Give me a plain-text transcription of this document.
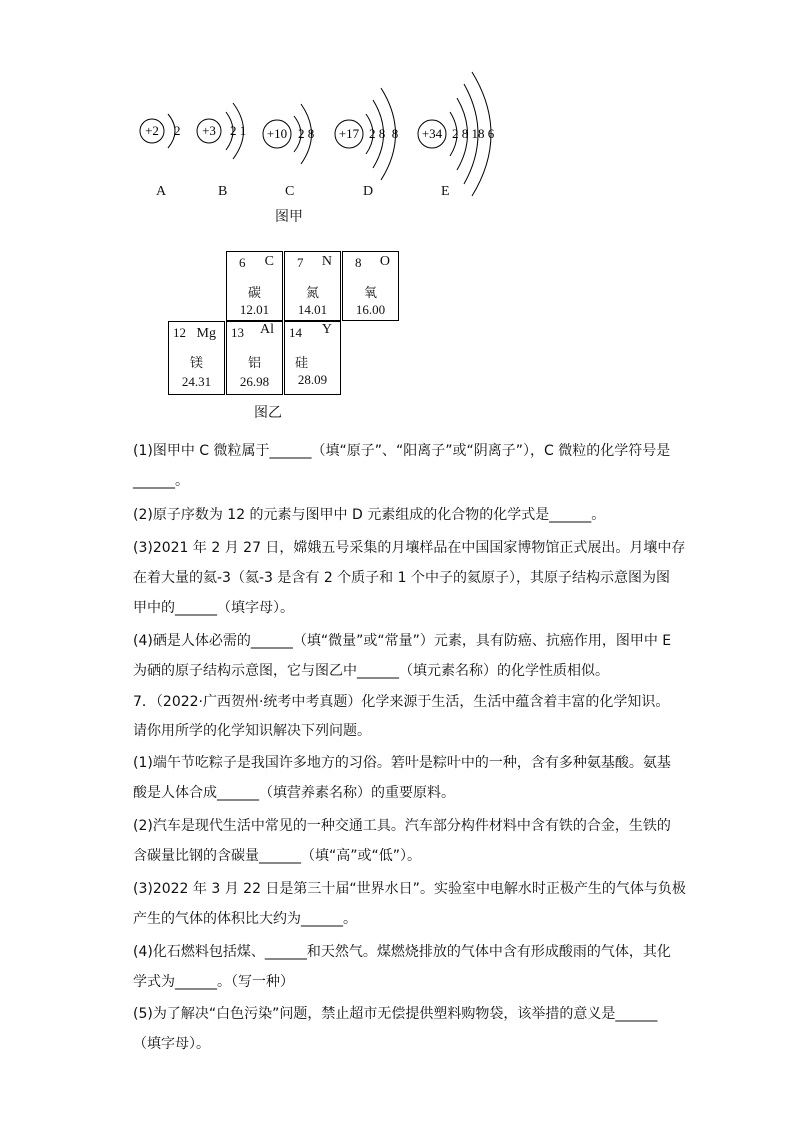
+2 2 +3 2 1 +10 2 8 +17 2 8  8 +34 2 8 18 6
A	B	C	D	E
图甲
6 C
碳
12.01
7 N
氮
14.01
8 O
氧
16.00
12 Mg
镁
24.31
13 Al
铝
26.98
14 Y
硅
28.09
图乙
(1)图甲中 C 微粒属于______（填“原子”、“阳离子”或“阴离子”），C 微粒的化学符号是
______。
(2)原子序数为 12 的元素与图甲中 D 元素组成的化合物的化学式是______。
(3)2021 年 2 月 27 日，嫦娥五号采集的月壤样品在中国国家博物馆正式展出。月壤中存
在着大量的氦-3（氦-3 是含有 2 个质子和 1 个中子的氦原子），其原子结构示意图为图
甲中的______（填字母）。
(4)硒是人体必需的______（填“微量”或“常量”）元素，具有防癌、抗癌作用，图甲中 E
为硒的原子结构示意图，它与图乙中______（填元素名称）的化学性质相似。
7．（2022·广西贺州·统考中考真题）化学来源于生活，生活中蕴含着丰富的化学知识。
请你用所学的化学知识解决下列问题。
(1)端午节吃粽子是我国许多地方的习俗。箬叶是粽叶中的一种，含有多种氨基酸。氨基
酸是人体合成______（填营养素名称）的重要原料。
(2)汽车是现代生活中常见的一种交通工具。汽车部分构件材料中含有铁的合金，生铁的
含碳量比钢的含碳量______（填“高”或“低”）。
(3)2022 年 3 月 22 日是第三十届“世界水日”。实验室中电解水时正极产生的气体与负极
产生的气体的体积比大约为______。
(4)化石燃料包括煤、______和天然气。煤燃烧排放的气体中含有形成酸雨的气体，其化
学式为______。（写一种）
(5)为了解决“白色污染”问题，禁止超市无偿提供塑料购物袋，该举措的意义是______
（填字母）。
